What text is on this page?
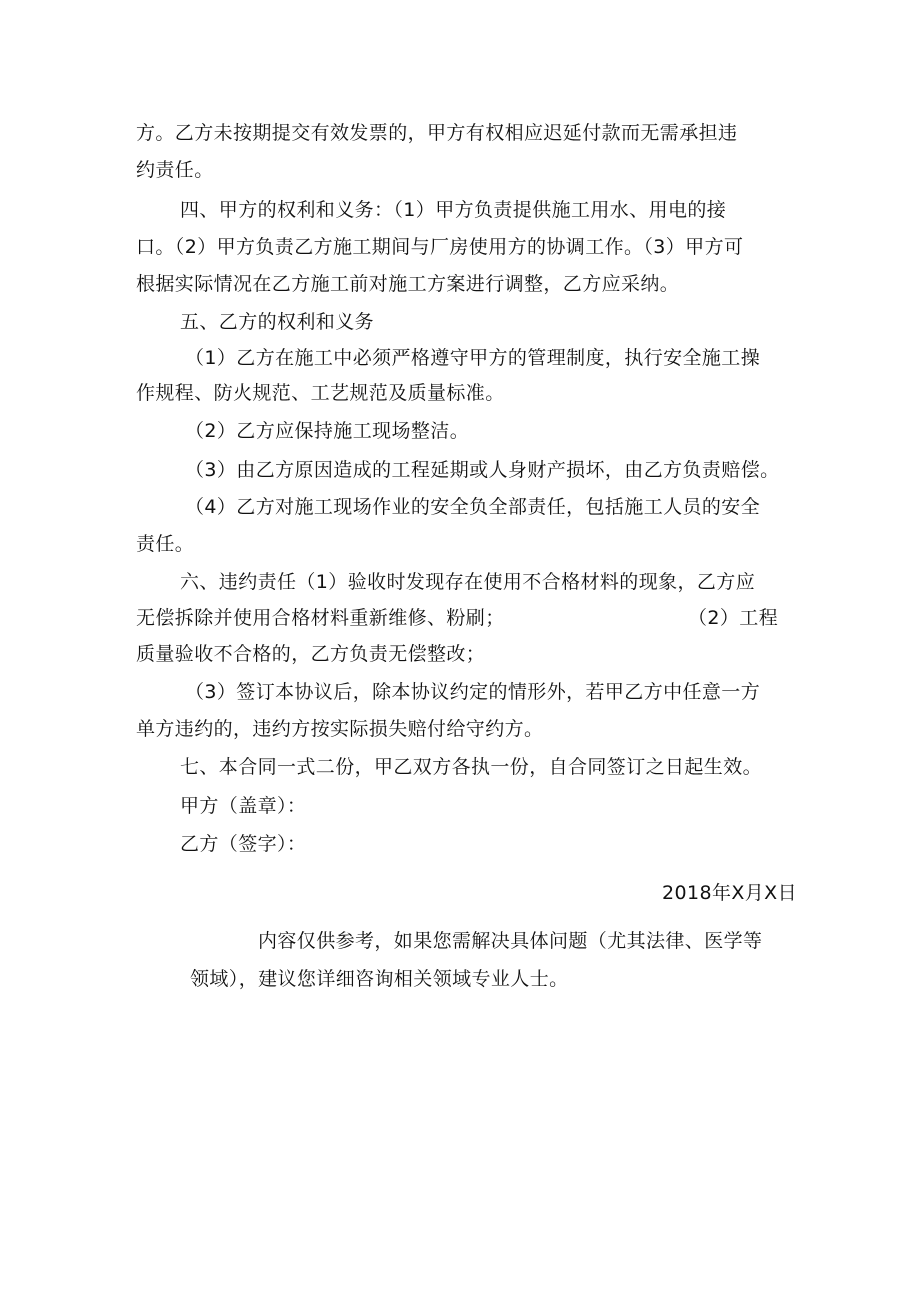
方。乙方未按期提交有效发票的，甲方有权相应迟延付款而无需承担违
约责任。
四、甲方的权利和义务：（1）甲方负责提供施工用水、用电的接
口。（2）甲方负责乙方施工期间与厂房使用方的协调工作。（3）甲方可
根据实际情况在乙方施工前对施工方案进行调整，乙方应采纳。
五、乙方的权利和义务
（1）乙方在施工中必须严格遵守甲方的管理制度，执行安全施工操
作规程、防火规范、工艺规范及质量标准。
（2）乙方应保持施工现场整洁。
（3）由乙方原因造成的工程延期或人身财产损坏，由乙方负责赔偿。
（4）乙方对施工现场作业的安全负全部责任，包括施工人员的安全
责任。
六、违约责任（1）验收时发现存在使用不合格材料的现象，乙方应
无偿拆除并使用合格材料重新维修、粉刷；	（2）工程
质量验收不合格的，乙方负责无偿整改；
（3）签订本协议后，除本协议约定的情形外，若甲乙方中任意一方
单方违约的，违约方按实际损失赔付给守约方。
七、本合同一式二份，甲乙双方各执一份，自合同签订之日起生效。
甲方（盖章）：
乙方（签字）：
2018年X月X日
内容仅供参考，如果您需解决具体问题（尤其法律、医学等
领域），建议您详细咨询相关领域专业人士。
